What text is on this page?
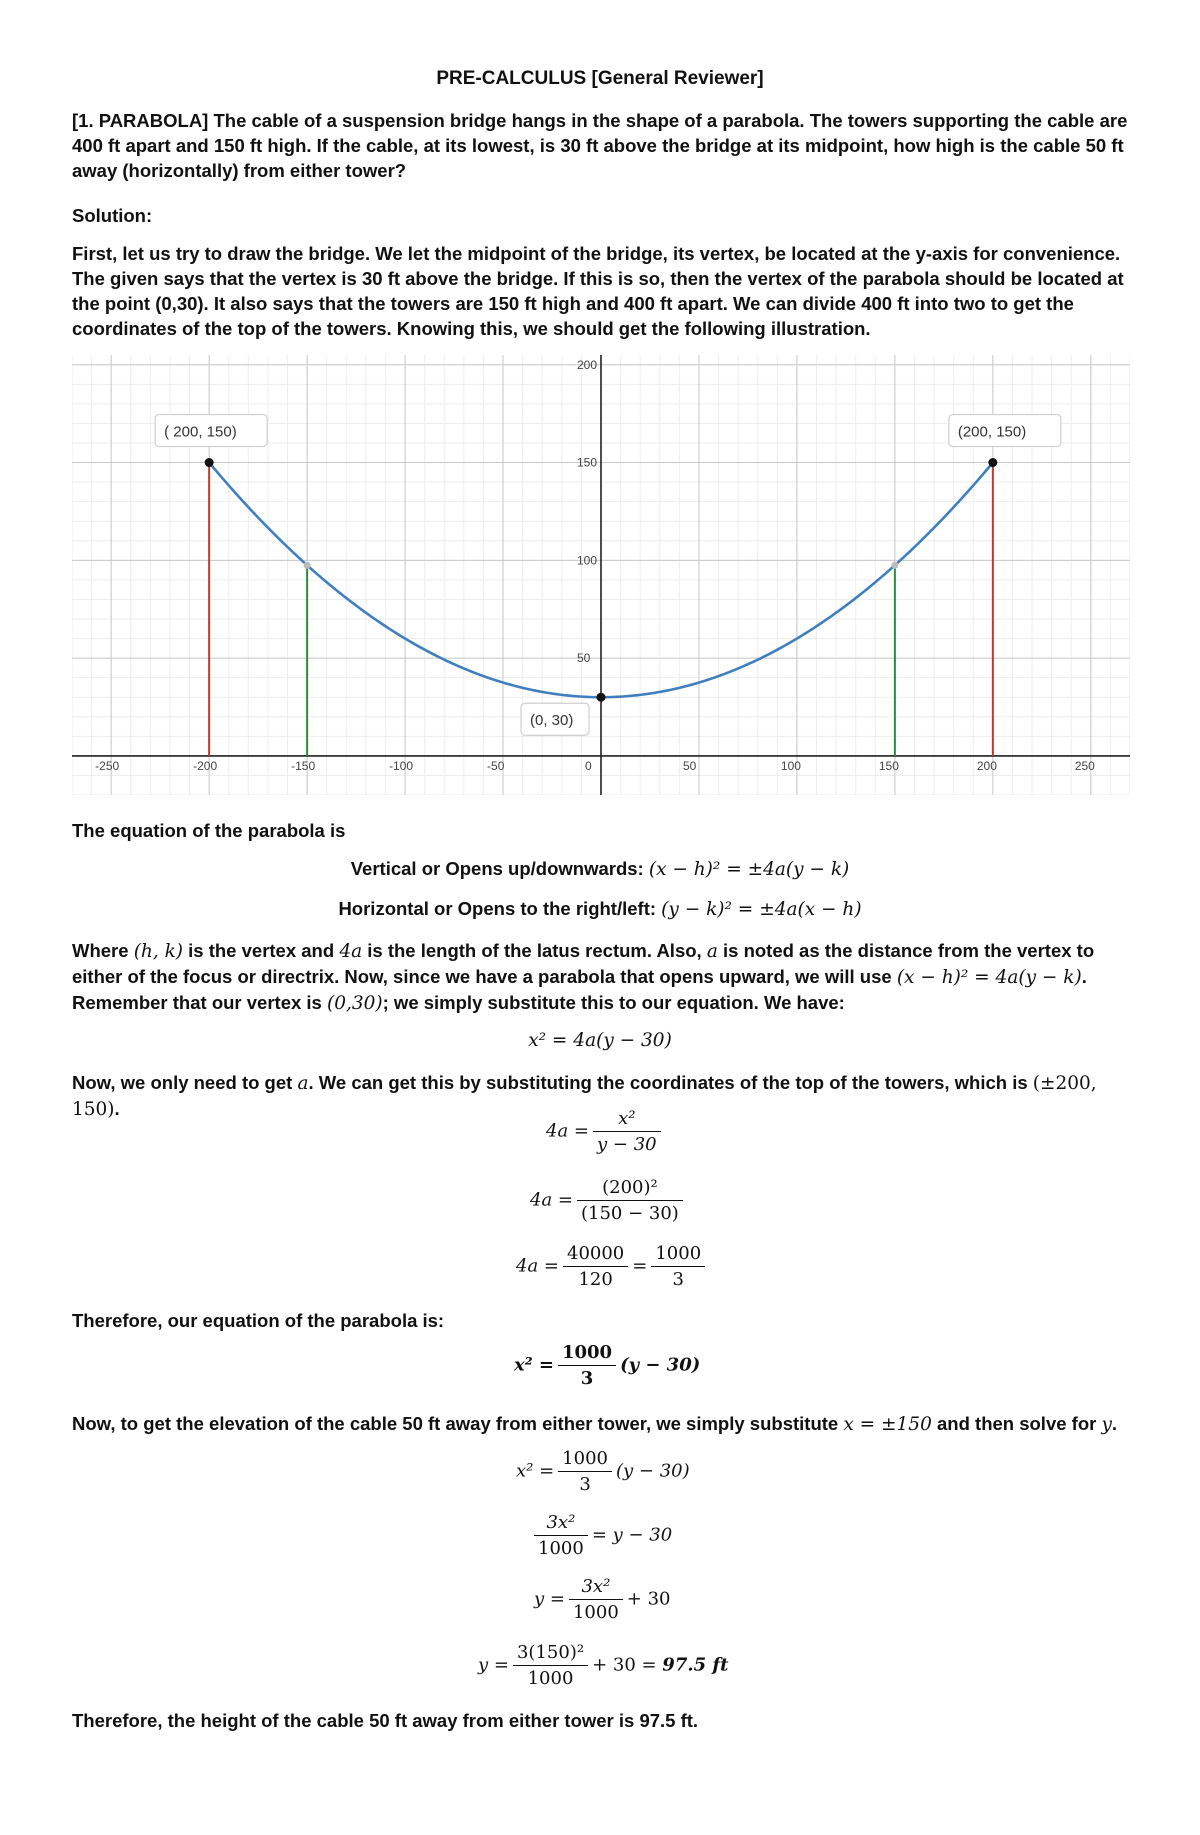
PRE-CALCULUS [General Reviewer]
[1. PARABOLA] The cable of a suspension bridge hangs in the shape of a parabola. The towers supporting the cable are 400 ft apart and 150 ft high. If the cable, at its lowest, is 30 ft above the bridge at its midpoint, how high is the cable 50 ft away (horizontally) from either tower?
Solution:
First, let us try to draw the bridge. We let the midpoint of the bridge, its vertex, be located at the y-axis for convenience. The given says that the vertex is 30 ft above the bridge. If this is so, then the vertex of the parabola should be located at the point (0,30). It also says that the towers are 150 ft high and 400 ft apart. We can divide 400 ft into two to get the coordinates of the top of the towers. Knowing this, we should get the following illustration.
-250	-200	-150	-100	-50	0	50	100	150	200	250
50
100
150
200
( 200, 150)	(200, 150)
(0, 30)
The equation of the parabola is
Vertical or Opens up/downwards: (x − h)² = ±4a(y − k)
Horizontal or Opens to the right/left: (y − k)² = ±4a(x − h)
Where (h, k) is the vertex and 4a is the length of the latus rectum. Also, a is noted as the distance from the vertex to either of the focus or directrix. Now, since we have a parabola that opens upward, we will use (x − h)² = 4a(y − k). Remember that our vertex is (0,30); we simply substitute this to our equation. We have:
x² = 4a(y − 30)
Now, we only need to get a. We can get this by substituting the coordinates of the top of the towers, which is (±200, 150).
$4a = \frac{\text{x²}}{y - 30}$
$4a = \frac{\text{(200)²}}{(150 - 30)}$
$4a = \frac{40000}{120} = \frac{1000}{3}$
Therefore, our equation of the parabola is:
$x^2 = \frac{1000}{3} (y - 30)$
Now, to get the elevation of the cable 50 ft away from either tower, we simply substitute x = ±150 and then solve for y.
$x^2 = \frac{1000}{3} (y - 30)$
$\frac{\text{3x²}}{1000} = y - 30$
$y = \frac{\text{3x²}}{1000} + 30$
$y = \frac{\text{3(150)²}}{1000} + 30 = 97.5$ ft
Therefore, the height of the cable 50 ft away from either tower is 97.5 ft.
